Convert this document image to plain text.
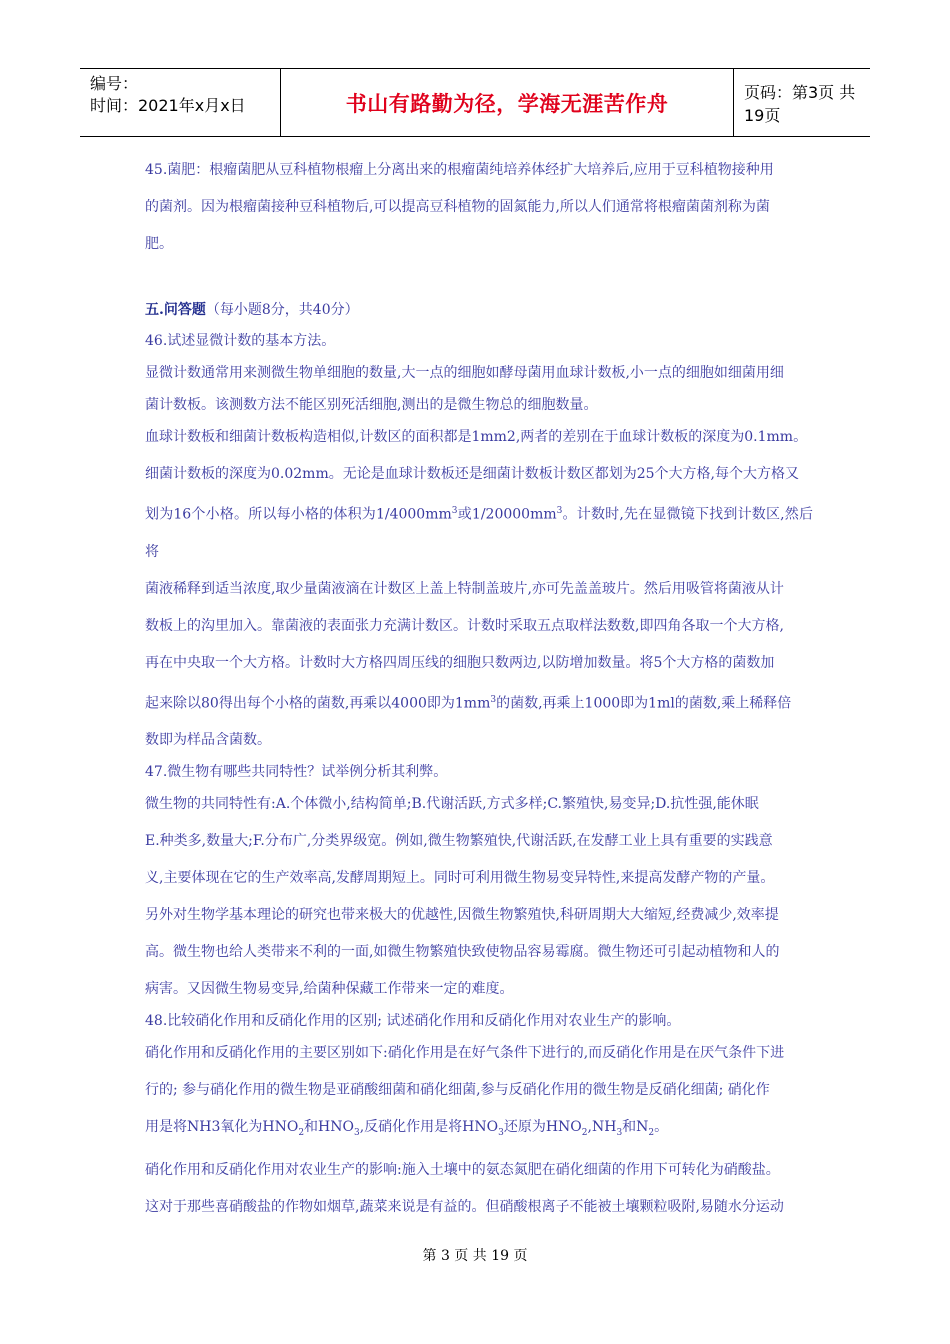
编号：
时间：2021年x月x日	书山有路勤为径，学海无涯苦作舟	页码：第3页 共19页

45.菌肥：根瘤菌肥从豆科植物根瘤上分离出来的根瘤菌纯培养体经扩大培养后,应用于豆科植物接种用

的菌剂。因为根瘤菌接种豆科植物后,可以提高豆科植物的固氮能力,所以人们通常将根瘤菌菌剂称为菌

肥。

五.问答题（每小题8分，共40分）

46.试述显微计数的基本方法。

显微计数通常用来测微生物单细胞的数量,大一点的细胞如酵母菌用血球计数板,小一点的细胞如细菌用细

菌计数板。该测数方法不能区别死活细胞,测出的是微生物总的细胞数量。

血球计数板和细菌计数板构造相似,计数区的面积都是1mm2,两者的差别在于血球计数板的深度为0.1mm。

细菌计数板的深度为0.02mm。无论是血球计数板还是细菌计数板计数区都划为25个大方格,每个大方格又

划为16个小格。所以每小格的体积为$1/4000mm^3$或$1/20000mm^3$。计数时,先在显微镜下找到计数区,然后将

菌液稀释到适当浓度,取少量菌液滴在计数区上盖上特制盖玻片,亦可先盖盖玻片。然后用吸管将菌液从计

数板上的沟里加入。靠菌液的表面张力充满计数区。计数时采取五点取样法数数,即四角各取一个大方格,

再在中央取一个大方格。计数时大方格四周压线的细胞只数两边,以防增加数量。将5个大方格的菌数加

起来除以80得出每个小格的菌数,再乘以4000即为$1mm^3$的菌数,再乘上1000即为1ml的菌数,乘上稀释倍

数即为样品含菌数。

47.微生物有哪些共同特性？试举例分析其利弊。

微生物的共同特性有:A.个体微小,结构简单;B.代谢活跃,方式多样;C.繁殖快,易变异;D.抗性强,能休眠

E.种类多,数量大;F.分布广,分类界级宽。例如,微生物繁殖快,代谢活跃,在发酵工业上具有重要的实践意

义,主要体现在它的生产效率高,发酵周期短上。同时可利用微生物易变异特性,来提高发酵产物的产量。

另外对生物学基本理论的研究也带来极大的优越性,因微生物繁殖快,科研周期大大缩短,经费减少,效率提

高。微生物也给人类带来不利的一面,如微生物繁殖快致使物品容易霉腐。微生物还可引起动植物和人的

病害。又因微生物易变异,给菌种保藏工作带来一定的难度。

48.比较硝化作用和反硝化作用的区别; 试述硝化作用和反硝化作用对农业生产的影响。

硝化作用和反硝化作用的主要区别如下:硝化作用是在好气条件下进行的,而反硝化作用是在厌气条件下进

行的; 参与硝化作用的微生物是亚硝酸细菌和硝化细菌,参与反硝化作用的微生物是反硝化细菌; 硝化作

用是将NH3氧化为$HNO_2$和$HNO_3$,反硝化作用是将$HNO_3$还原为$HNO_2,NH_3$和$N_2$。

硝化作用和反硝化作用对农业生产的影响:施入土壤中的氨态氮肥在硝化细菌的作用下可转化为硝酸盐。

这对于那些喜硝酸盐的作物如烟草,蔬菜来说是有益的。但硝酸根离子不能被土壤颗粒吸附,易随水分运动

第 3 页 共 19 页
